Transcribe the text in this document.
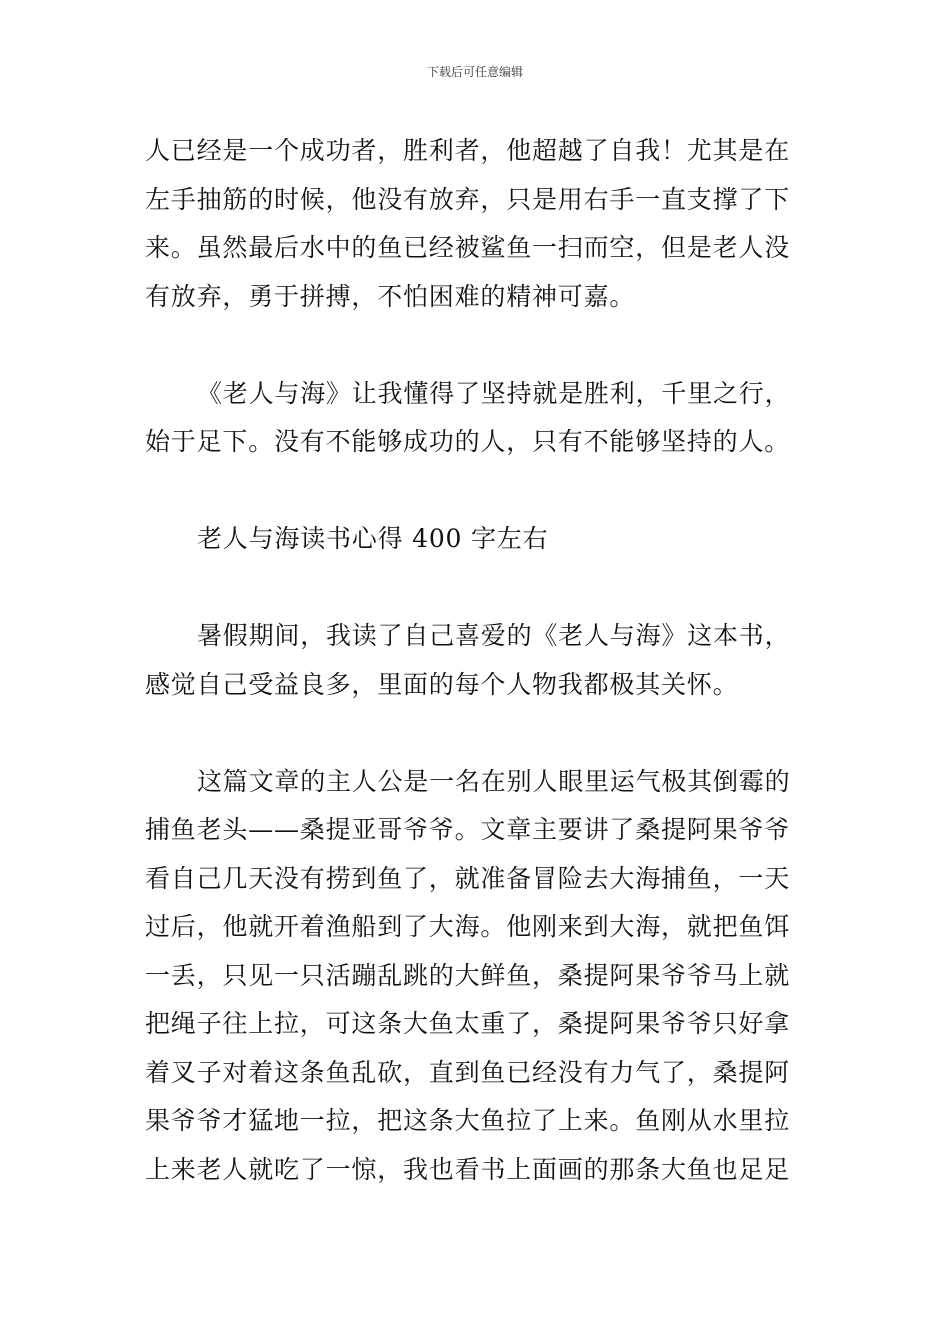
下载后可任意编辑

人已经是一个成功者，胜利者，他超越了自我！尤其是在
左手抽筋的时候，他没有放弃，只是用右手一直支撑了下
来。虽然最后水中的鱼已经被鲨鱼一扫而空，但是老人没
有放弃，勇于拼搏，不怕困难的精神可嘉。

《老人与海》让我懂得了坚持就是胜利，千里之行，
始于足下。没有不能够成功的人，只有不能够坚持的人。

老人与海读书心得 400 字左右

暑假期间，我读了自己喜爱的《老人与海》这本书，
感觉自己受益良多，里面的每个人物我都极其关怀。

这篇文章的主人公是一名在别人眼里运气极其倒霉的
捕鱼老头——桑提亚哥爷爷。文章主要讲了桑提阿果爷爷
看自己几天没有捞到鱼了，就准备冒险去大海捕鱼，一天
过后，他就开着渔船到了大海。他刚来到大海，就把鱼饵
一丢，只见一只活蹦乱跳的大鲜鱼，桑提阿果爷爷马上就
把绳子往上拉，可这条大鱼太重了，桑提阿果爷爷只好拿
着叉子对着这条鱼乱砍，直到鱼已经没有力气了，桑提阿
果爷爷才猛地一拉，把这条大鱼拉了上来。鱼刚从水里拉
上来老人就吃了一惊，我也看书上面画的那条大鱼也足足
